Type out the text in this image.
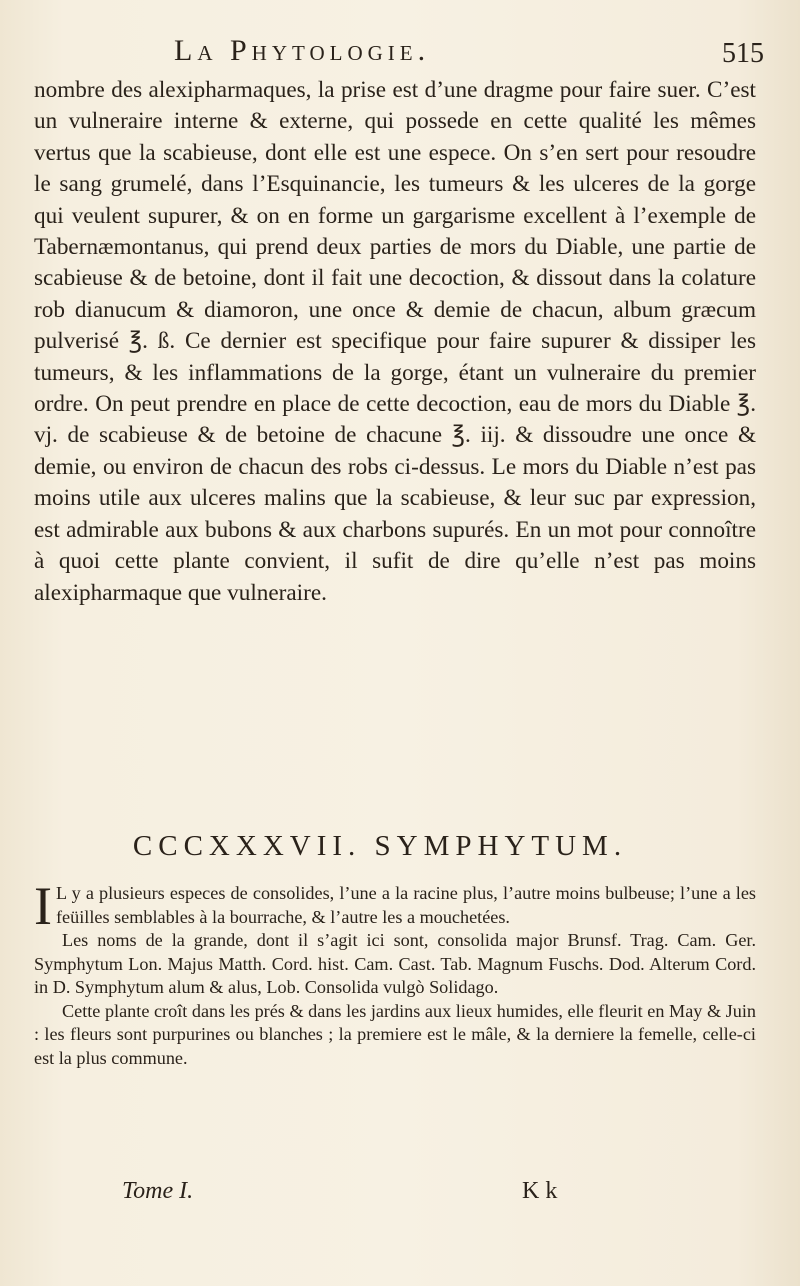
La Phytologie.	515

nombre des alexipharmaques, la prise est d’une dragme pour faire suer. C’est un vulneraire interne & externe, qui possede en cette qualité les mêmes vertus que la scabieuse, dont elle est une espece. On s’en sert pour resoudre le sang grumelé, dans l’Esquinancie, les tumeurs & les ulceres de la gorge qui veulent supurer, & on en forme un gargarisme excellent à l’exemple de Tabernæmontanus, qui prend deux parties de mors du Diable, une partie de scabieuse & de betoine, dont il fait une decoction, & dissout dans la colature rob dianucum & diamoron, une once & demie de chacun, album græcum pulverisé ℥. ß. Ce dernier est specifique pour faire supurer & dissiper les tumeurs, & les inflammations de la gorge, étant un vulneraire du premier ordre. On peut prendre en place de cette decoction, eau de mors du Diable ℥. vj. de scabieuse & de betoine de chacune ℥. iij. & dissoudre une once & demie, ou environ de chacun des robs ci-dessus. Le mors du Diable n’est pas moins utile aux ulceres malins que la scabieuse, & leur suc par expression, est admirable aux bubons & aux charbons supurés. En un mot pour connoître à quoi cette plante convient, il sufit de dire qu’elle n’est pas moins alexipharmaque que vulneraire.

CCCXXXVII. SYMPHYTUM.

I L y a plusieurs especes de consolides, l’une a la racine plus, l’autre moins bulbeuse; l’une a les feüilles semblables à la bourrache, & l’autre les a mouchetées.

Les noms de la grande, dont il s’agit ici sont, consolida major Brunsf. Trag. Cam. Ger. Symphytum Lon. Majus Matth. Cord. hist. Cam. Cast. Tab. Magnum Fuschs. Dod. Alterum Cord. in D. Symphytum alum & alus, Lob. Consolida vulgò Solidago.

Cette plante croît dans les prés & dans les jardins aux lieux humides, elle fleurit en May & Juin : les fleurs sont purpurines ou blanches ; la premiere est le mâle, & la derniere la femelle, celle-ci est la plus commune.

Tome I.	K k
